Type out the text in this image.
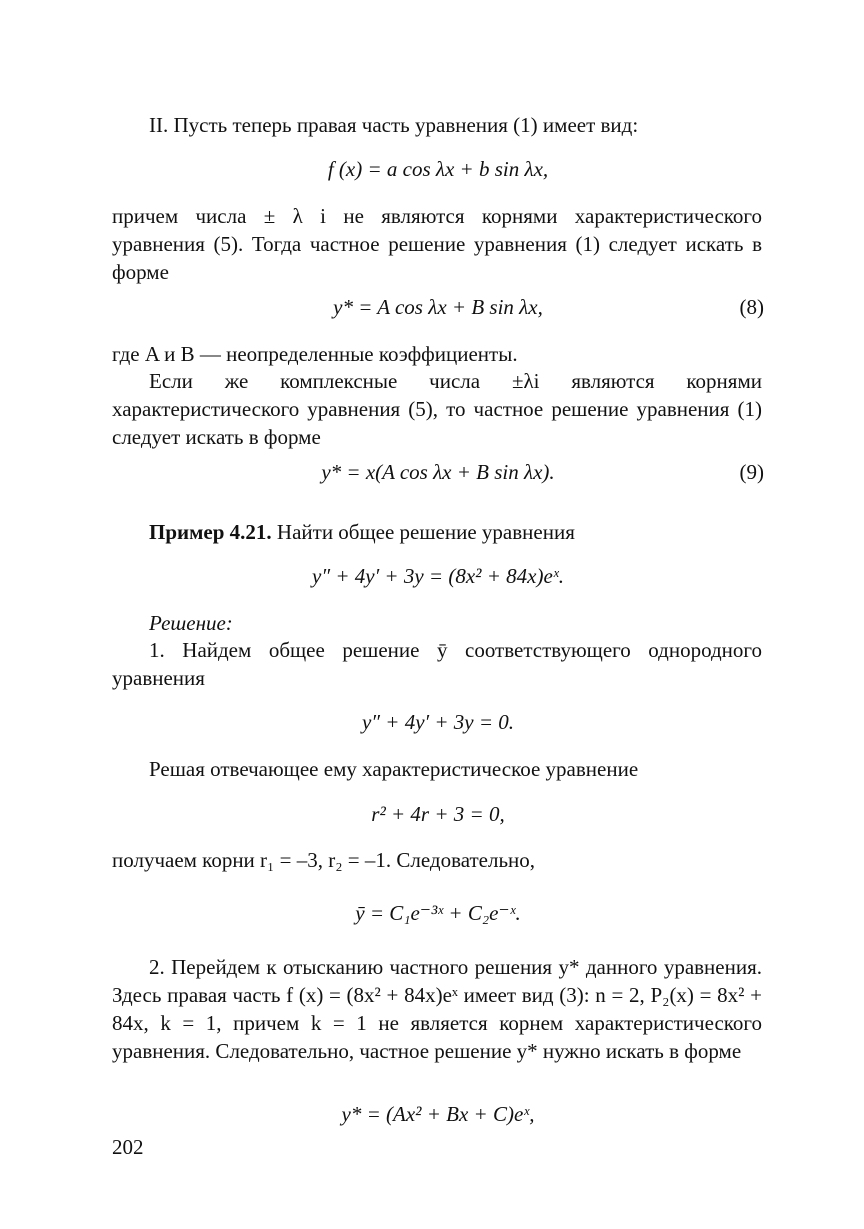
II. Пусть теперь правая часть уравнения (1) имеет вид:

f (x) = a cos λx + b sin λx,

причем числа ± λ i не являются корнями характеристического уравнения (5). Тогда частное решение уравнения (1) следует искать в форме

y* = A cos λx + B sin λx,	(8)

где A и B — неопределенные коэффициенты.

Если же комплексные числа ±λi являются корнями характеристического уравнения (5), то частное решение уравнения (1) следует искать в форме

y* = x(A cos λx + B sin λx).	(9)

Пример 4.21. Найти общее решение уравнения

y″ + 4y′ + 3y = (8x² + 84x)eˣ.

Решение:

1. Найдем общее решение ȳ соответствующего однородного уравнения

y″ + 4y′ + 3y = 0.

Решая отвечающее ему характеристическое уравнение

r² + 4r + 3 = 0,

получаем корни r₁ = –3, r₂ = –1. Следовательно,

ȳ = C₁e⁻³ˣ + C₂e⁻ˣ.

2. Перейдем к отысканию частного решения y* данного уравнения. Здесь правая часть f (x) = (8x² + 84x)eˣ имеет вид (3): n = 2, P₂(x) = 8x² + 84x, k = 1, причем k = 1 не является корнем характеристического уравнения. Следовательно, частное решение y* нужно искать в форме

y* = (Ax² + Bx + C)eˣ,
202
